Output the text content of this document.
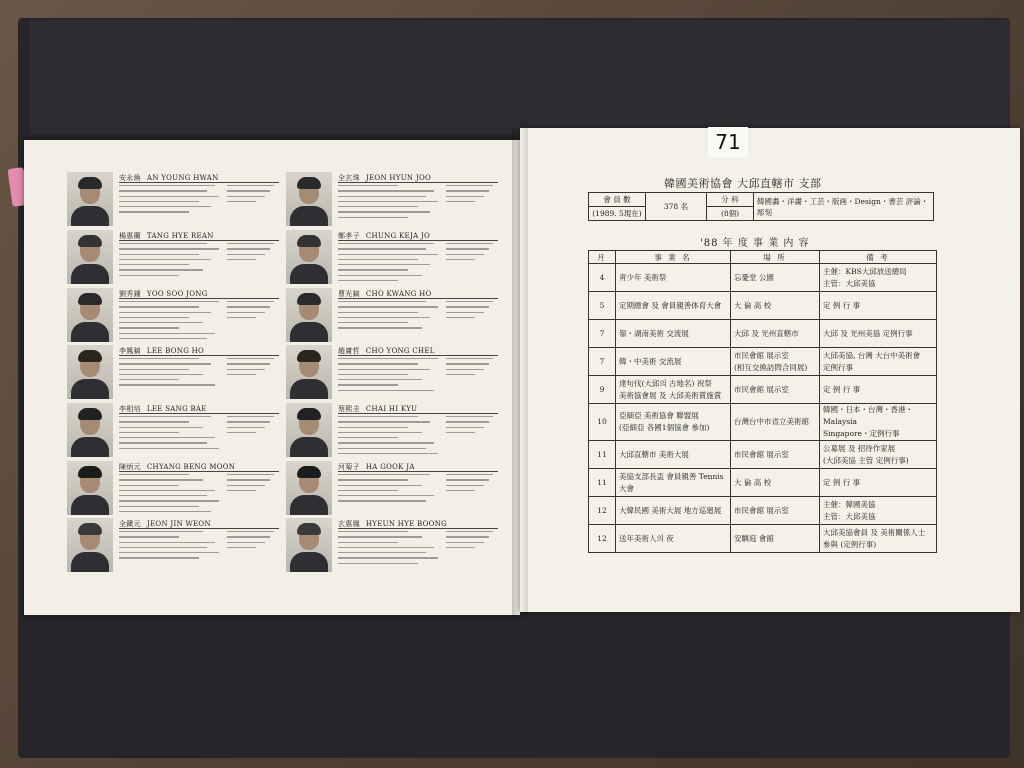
安永煥 AN YOUNG HWAN
楊惠蘭 TANG HYE REAN
劉秀鍾 YOO SOO JONG
李鳳鎬 LEE BONG HO
李相培 LEE SANG BAE
陳炳元 CHYANG BENG MOON
全鎭元 JEON JIN WEON
全玄珠 JEON HYUN JOO
鄭孝子 CHUNG KEJA JO
曹光鎬 CHO KWANG HO
趙庸哲 CHO YONG CHEL
蔡熙圭 CHAI HI KYU
河菊子 HA GOOK JA
玄惠鳳 HYEUN HYE BOONG
71
韓國美術協會 大邱直轄市 支部
會 員 數	378 名	分 科	韓國畵・洋畵・工芸・版画・Design・書芸 評論・彫刻
(1989. 5現在)		(8個)	
'88 年 度 事 業 内 容
月	事 業 名	場 所	備 考
4	靑少年 美術祭	忘憂堂 公園	主催：KBS大邱放送總局
主管：大邱美協
5	定期總會 及 會員親善体育大會	大 倫 高 校	定 例 行 事
7	嶺・湖南美術 交流展	大邱 及 光州直轄市	大邱 及 光州美協 定例行事
7	韓・中美術 交流展	市民會館 展示室
(相互交換訪問合同展)	大邱美協, 台灣 大台中美術會
定例行事
9	達句伐(大邱의 古地名) 祝祭
美術協會展 及 大邱美術賞施賞	市民會館 展示室	定 例 行 事
10	亞細亞 美術協會 聯盟展
(亞細亞 各國1個協會 參加)	台灣台中市省立美術館	韓國・日本・台灣・香港・Malaysia
Singapore・定例行事
11	大邱直轄市 美術大展	市民會館 展示室	公募展 及 招待作家展
(大邱美協 主管 定例行事)
11	美協支部長盃 會員親善 Tennis 大會	大 倫 高 校	定 例 行 事
12	大韓民國 美術大展 地方巡廻展	市民會館 展示室	主催：韓國美協
主管：大邱美協
12	送年美術人의 夜	安麒庭 會館	大邱美協會員 及 美術關係人士
參與 (定例行事)
